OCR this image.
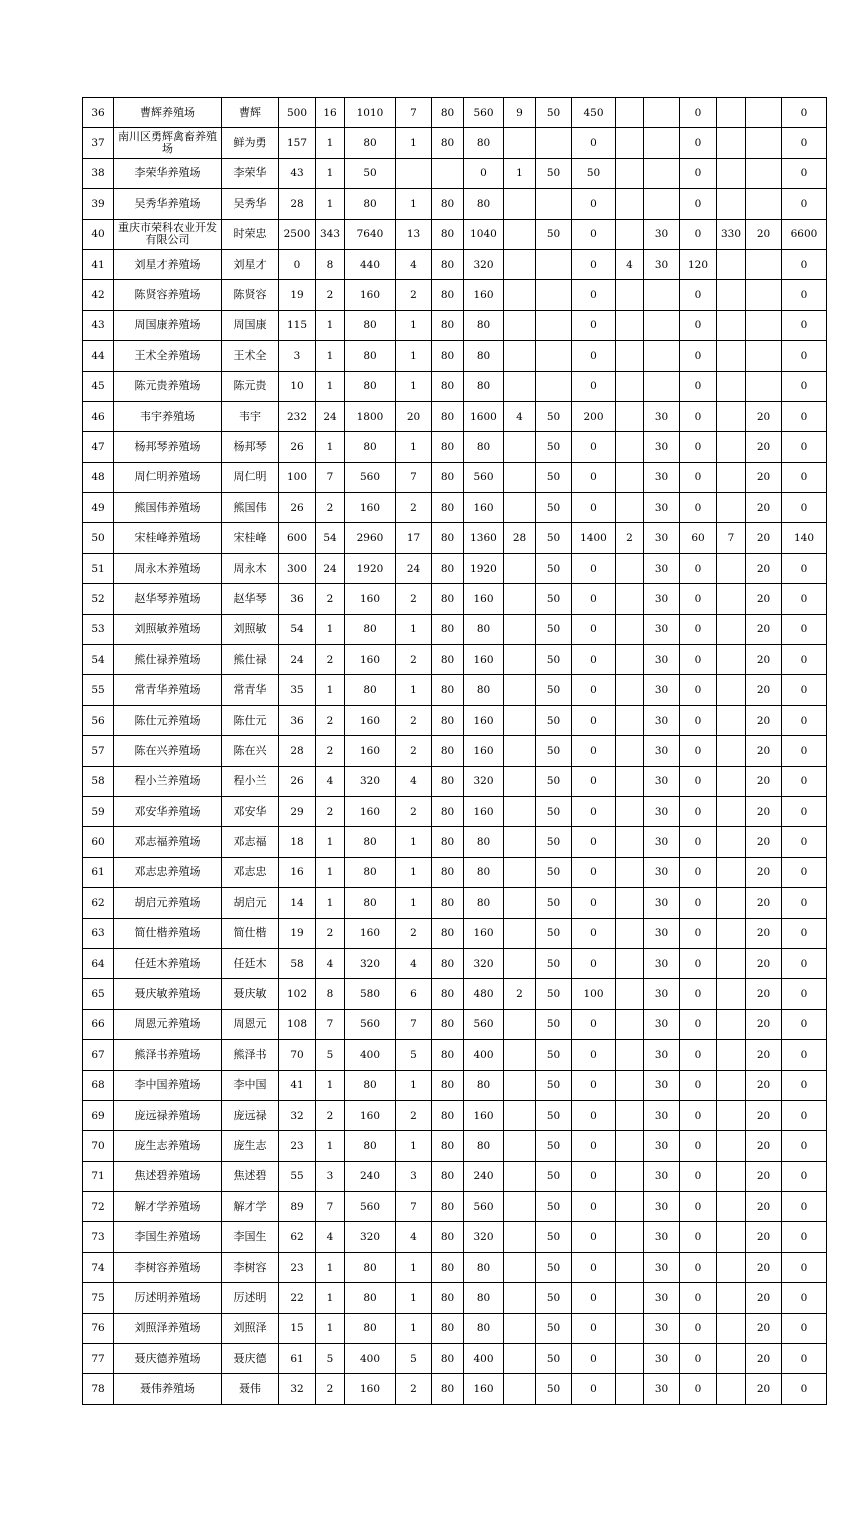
36	曹辉养殖场	曹辉	500	16	1010	7	80	560	9	50	450			0			0
37	南川区勇辉禽畜养殖场	鲜为勇	157	1	80	1	80	80			0			0			0
38	李荣华养殖场	李荣华	43	1	50			0	1	50	50			0			0
39	吴秀华养殖场	吴秀华	28	1	80	1	80	80			0			0			0
40	重庆市荣科农业开发有限公司	时荣忠	2500	343	7640	13	80	1040		50	0		30	0	330	20	6600
41	刘星才养殖场	刘星才	0	8	440	4	80	320			0	4	30	120			0
42	陈贤容养殖场	陈贤容	19	2	160	2	80	160			0			0			0
43	周国康养殖场	周国康	115	1	80	1	80	80			0			0			0
44	王术全养殖场	王术全	3	1	80	1	80	80			0			0			0
45	陈元贵养殖场	陈元贵	10	1	80	1	80	80			0			0			0
46	韦宇养殖场	韦宇	232	24	1800	20	80	1600	4	50	200		30	0		20	0
47	杨邦琴养殖场	杨邦琴	26	1	80	1	80	80		50	0		30	0		20	0
48	周仁明养殖场	周仁明	100	7	560	7	80	560		50	0		30	0		20	0
49	熊国伟养殖场	熊国伟	26	2	160	2	80	160		50	0		30	0		20	0
50	宋桂峰养殖场	宋桂峰	600	54	2960	17	80	1360	28	50	1400	2	30	60	7	20	140
51	周永木养殖场	周永木	300	24	1920	24	80	1920		50	0		30	0		20	0
52	赵华琴养殖场	赵华琴	36	2	160	2	80	160		50	0		30	0		20	0
53	刘照敏养殖场	刘照敏	54	1	80	1	80	80		50	0		30	0		20	0
54	熊仕禄养殖场	熊仕禄	24	2	160	2	80	160		50	0		30	0		20	0
55	常青华养殖场	常青华	35	1	80	1	80	80		50	0		30	0		20	0
56	陈仕元养殖场	陈仕元	36	2	160	2	80	160		50	0		30	0		20	0
57	陈在兴养殖场	陈在兴	28	2	160	2	80	160		50	0		30	0		20	0
58	程小兰养殖场	程小兰	26	4	320	4	80	320		50	0		30	0		20	0
59	邓安华养殖场	邓安华	29	2	160	2	80	160		50	0		30	0		20	0
60	邓志福养殖场	邓志福	18	1	80	1	80	80		50	0		30	0		20	0
61	邓志忠养殖场	邓志忠	16	1	80	1	80	80		50	0		30	0		20	0
62	胡启元养殖场	胡启元	14	1	80	1	80	80		50	0		30	0		20	0
63	简仕楷养殖场	简仕楷	19	2	160	2	80	160		50	0		30	0		20	0
64	任廷木养殖场	任廷木	58	4	320	4	80	320		50	0		30	0		20	0
65	聂庆敏养殖场	聂庆敏	102	8	580	6	80	480	2	50	100		30	0		20	0
66	周恩元养殖场	周恩元	108	7	560	7	80	560		50	0		30	0		20	0
67	熊泽书养殖场	熊泽书	70	5	400	5	80	400		50	0		30	0		20	0
68	李中国养殖场	李中国	41	1	80	1	80	80		50	0		30	0		20	0
69	庞远禄养殖场	庞远禄	32	2	160	2	80	160		50	0		30	0		20	0
70	庞生志养殖场	庞生志	23	1	80	1	80	80		50	0		30	0		20	0
71	焦述碧养殖场	焦述碧	55	3	240	3	80	240		50	0		30	0		20	0
72	解才学养殖场	解才学	89	7	560	7	80	560		50	0		30	0		20	0
73	李国生养殖场	李国生	62	4	320	4	80	320		50	0		30	0		20	0
74	李树容养殖场	李树容	23	1	80	1	80	80		50	0		30	0		20	0
75	厉述明养殖场	厉述明	22	1	80	1	80	80		50	0		30	0		20	0
76	刘照泽养殖场	刘照泽	15	1	80	1	80	80		50	0		30	0		20	0
77	聂庆德养殖场	聂庆德	61	5	400	5	80	400		50	0		30	0		20	0
78	聂伟养殖场	聂伟	32	2	160	2	80	160		50	0		30	0		20	0
